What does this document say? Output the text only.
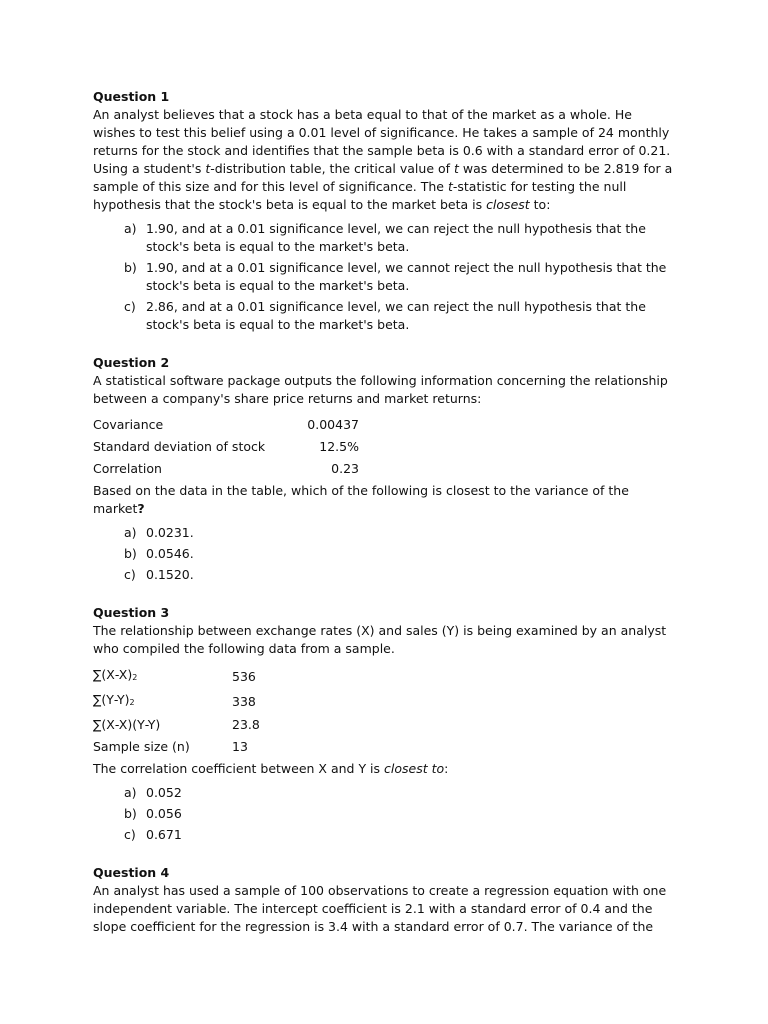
Question 1

An analyst believes that a stock has a beta equal to that of the market as a whole. He wishes to test this belief using a 0.01 level of significance. He takes a sample of 24 monthly returns for the stock and identifies that the sample beta is 0.6 with a standard error of 0.21. Using a student's t-distribution table, the critical value of t was determined to be 2.819 for a sample of this size and for this level of significance. The t-statistic for testing the null hypothesis that the stock's beta is equal to the market beta is closest to:

a) 1.90, and at a 0.01 significance level, we can reject the null hypothesis that the stock's beta is equal to the market's beta.
b) 1.90, and at a 0.01 significance level, we cannot reject the null hypothesis that the stock's beta is equal to the market's beta.
c) 2.86, and at a 0.01 significance level, we can reject the null hypothesis that the stock's beta is equal to the market's beta.

Question 2

A statistical software package outputs the following information concerning the relationship between a company's share price returns and market returns:

Covariance	0.00437
Standard deviation of stock	12.5%
Correlation	0.23

Based on the data in the table, which of the following is closest to the variance of the market?

a) 0.0231.
b) 0.0546.
c) 0.1520.

Question 3

The relationship between exchange rates (X) and sales (Y) is being examined by an analyst who compiled the following data from a sample.

$\sum(X‐X)_2$	536
$\sum(Y‐Y)_2$	338
∑(X‐X)(Y‐Y)	23.8
Sample size (n)	13

The correlation coefficient between X and Y is closest to:

a) 0.052
b) 0.056
c) 0.671

Question 4

An analyst has used a sample of 100 observations to create a regression equation with one independent variable. The intercept coefficient is 2.1 with a standard error of 0.4 and the slope coefficient for the regression is 3.4 with a standard error of 0.7. The variance of the
